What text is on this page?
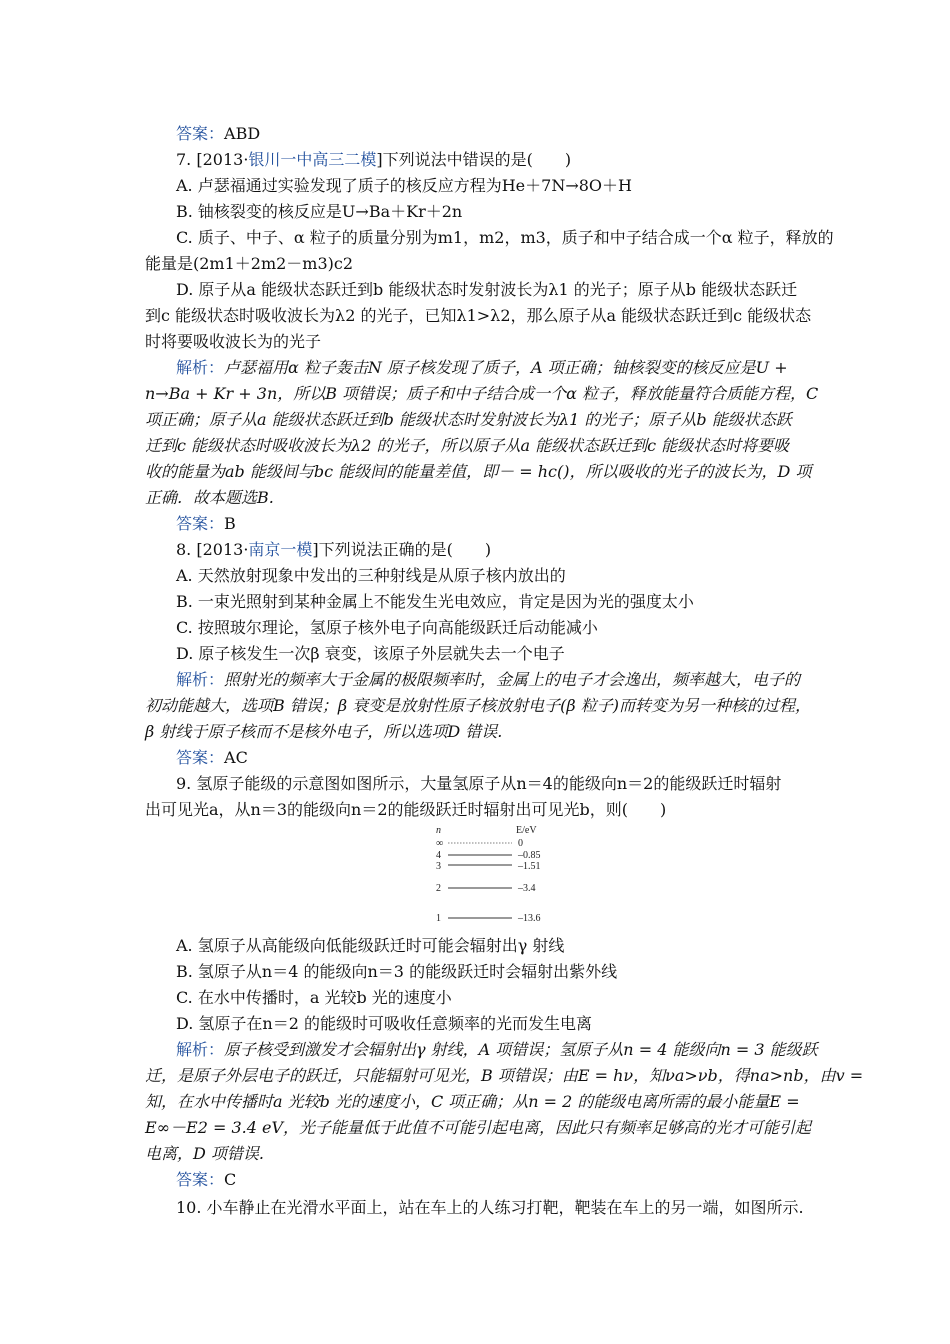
答案：ABD
7. [2013·银川一中高三二模]下列说法中错误的是(　　)
A. 卢瑟福通过实验发现了质子的核反应方程为He＋7N→8O＋H
B. 铀核裂变的核反应是U→Ba＋Kr＋2n
C. 质子、中子、α 粒子的质量分别为m1，m2，m3，质子和中子结合成一个α 粒子，释放的
能量是(2m1＋2m2－m3)c2
D. 原子从a 能级状态跃迁到b 能级状态时发射波长为λ1 的光子；原子从b 能级状态跃迁
到c 能级状态时吸收波长为λ2 的光子，已知λ1>λ2，那么原子从a 能级状态跃迁到c 能级状态
时将要吸收波长为的光子
解析：卢瑟福用α 粒子轰击N 原子核发现了质子，A 项正确；铀核裂变的核反应是U +
n→Ba + Kr + 3n，所以B 项错误；质子和中子结合成一个α 粒子，释放能量符合质能方程，C
项正确；原子从a 能级状态跃迁到b 能级状态时发射波长为λ1 的光子；原子从b 能级状态跃
迁到c 能级状态时吸收波长为λ2 的光子，所以原子从a 能级状态跃迁到c 能级状态时将要吸
收的能量为ab 能级间与bc 能级间的能量差值，即－ = hc()，所以吸收的光子的波长为，D 项
正确．故本题选B.
答案：B
8. [2013·南京一模]下列说法正确的是(　　)
A. 天然放射现象中发出的三种射线是从原子核内放出的
B. 一束光照射到某种金属上不能发生光电效应，肯定是因为光的强度太小
C. 按照玻尔理论，氢原子核外电子向高能级跃迁后动能减小
D. 原子核发生一次β 衰变，该原子外层就失去一个电子
解析：照射光的频率大于金属的极限频率时，金属上的电子才会逸出，频率越大，电子的
初动能越大，选项B 错误；β 衰变是放射性原子核放射电子(β 粒子)而转变为另一种核的过程，
β 射线于原子核而不是核外电子，所以选项D 错误.
答案：AC
9. 氢原子能级的示意图如图所示，大量氢原子从n＝4的能级向n＝2的能级跃迁时辐射
出可见光a，从n＝3的能级向n＝2的能级跃迁时辐射出可见光b，则(　　)
n	E/eV
∞	0
4	–0.85
3	–1.51
2	–3.4
1	–13.6
A. 氢原子从高能级向低能级跃迁时可能会辐射出γ 射线
B. 氢原子从n＝4 的能级向n＝3 的能级跃迁时会辐射出紫外线
C. 在水中传播时，a 光较b 光的速度小
D. 氢原子在n＝2 的能级时可吸收任意频率的光而发生电离
解析：原子核受到激发才会辐射出γ 射线，A 项错误；氢原子从n = 4 能级向n = 3 能级跃
迁，是原子外层电子的跃迁，只能辐射可见光，B 项错误；由E = hν，知νa>νb，得na>nb，由v =
知，在水中传播时a 光较b 光的速度小，C 项正确；从n = 2 的能级电离所需的最小能量E =
E∞－E2 = 3.4 eV，光子能量低于此值不可能引起电离，因此只有频率足够高的光才可能引起
电离，D 项错误.
答案：C
10. 小车静止在光滑水平面上，站在车上的人练习打靶，靶装在车上的另一端，如图所示.
